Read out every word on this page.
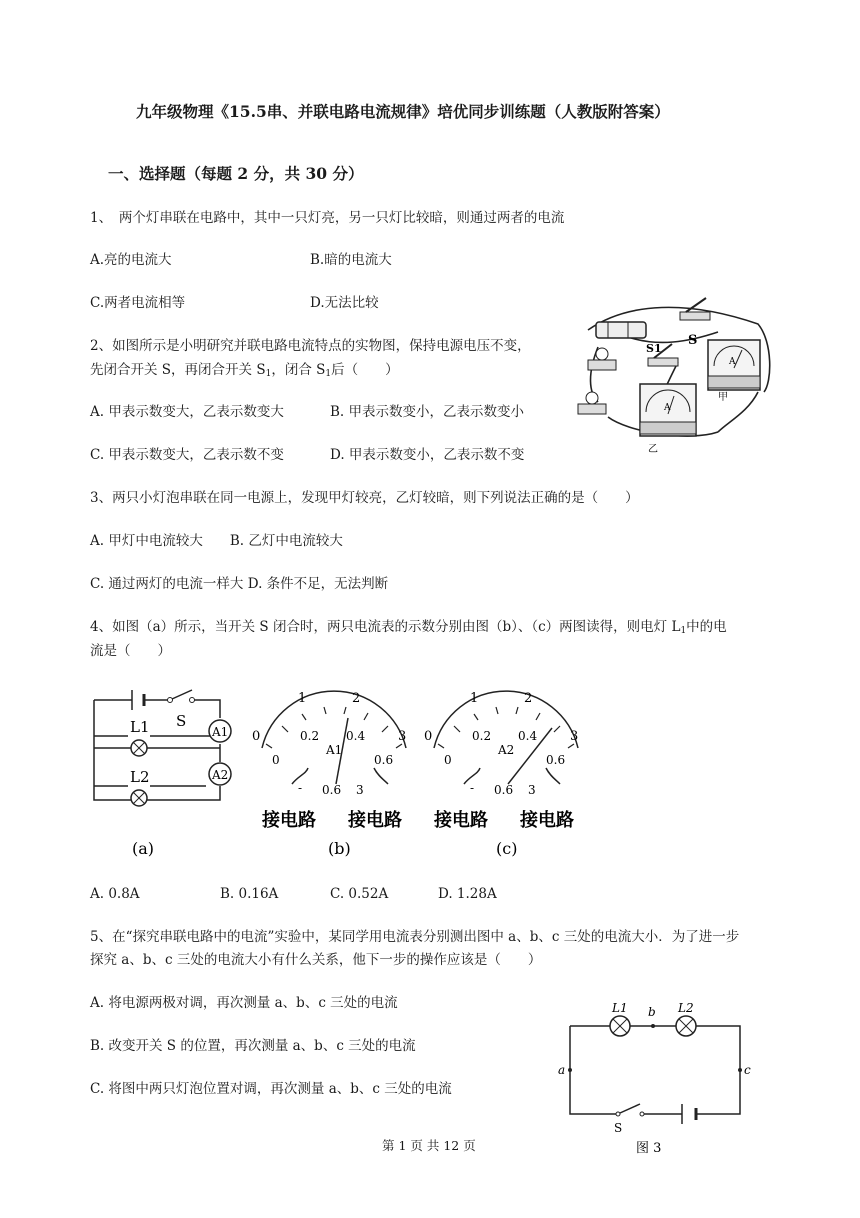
九年级物理《15.5串、并联电路电流规律》培优同步训练题（人教版附答案）
一、选择题（每题 2 分，共 30 分）
1、　两个灯串联在电路中，其中一只灯亮，另一只灯比较暗，则通过两者的电流
A.亮的电流大	B.暗的电流大
C.两者电流相等	D.无法比较
2、如图所示是小明研究并联电路电流特点的实物图，保持电源电压不变，
先闭合开关 S，再闭合开关 $S_1$，闭合 $S_1$后（　　）
A. 甲表示数变大，乙表示数变大	B. 甲表示数变小，乙表示数变小
C. 甲表示数变大，乙表示数不变	D. 甲表示数变小，乙表示数不变
S
S1
A
甲
A
乙
3、两只小灯泡串联在同一电源上，发现甲灯较亮，乙灯较暗，则下列说法正确的是（　　）
A. 甲灯中电流较大　　B. 乙灯中电流较大
C. 通过两灯的电流一样大 D. 条件不足，无法判断
4、如图（a）所示，当开关 S 闭合时，两只电流表的示数分别由图（b）、（c）两图读得，则电灯 $L_1$中的电
流是（　　）
S
A1
A2
L1
L2
(a)
0
1	2
3
0
0.2 0.4
0.6
A1
- 0.6 3
接电路 接电路
(b)
0
1	2
3
0
0.2 0.4
0.6
A2
- 0.6 3
接电路 接电路
(c)
A. 0.8A	B. 0.16A	C. 0.52A	D. 1.28A
5、在“探究串联电路中的电流”实验中，某同学用电流表分别测出图中 a、b、c 三处的电流大小．为了进一步
探究 a、b、c 三处的电流大小有什么关系，他下一步的操作应该是（　　）
A. 将电源两极对调，再次测量 a、b、c 三处的电流
B. 改变开关 S 的位置，再次测量 a、b、c 三处的电流
C. 将图中两只灯泡位置对调，再次测量 a、b、c 三处的电流
L1	L2
b
a	c
S
图 3
第 1 页 共 12 页
